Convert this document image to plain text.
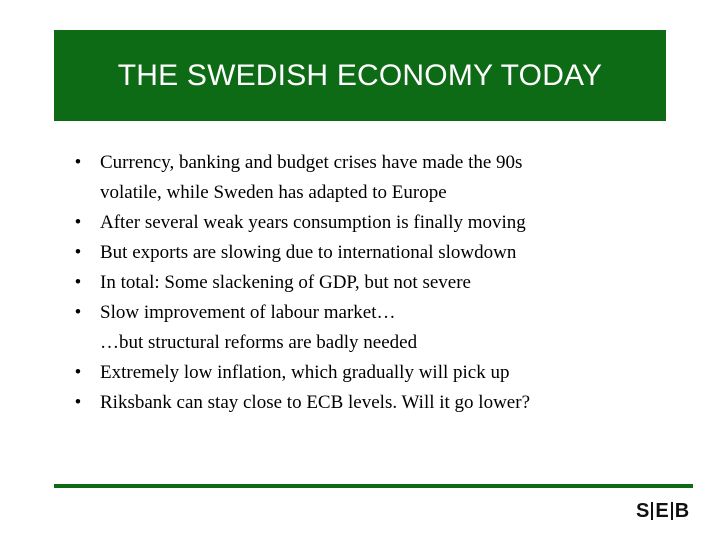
THE SWEDISH ECONOMY TODAY
• Currency, banking and budget crises have made the 90s
volatile, while Sweden has adapted to Europe
• After several weak years consumption is finally moving
• But exports are slowing due to international slowdown
• In total: Some slackening of GDP, but not severe
• Slow improvement of labour market…
…but structural reforms are badly needed
• Extremely low inflation, which gradually will pick up
• Riksbank can stay close to ECB levels. Will it go lower?
S E B
